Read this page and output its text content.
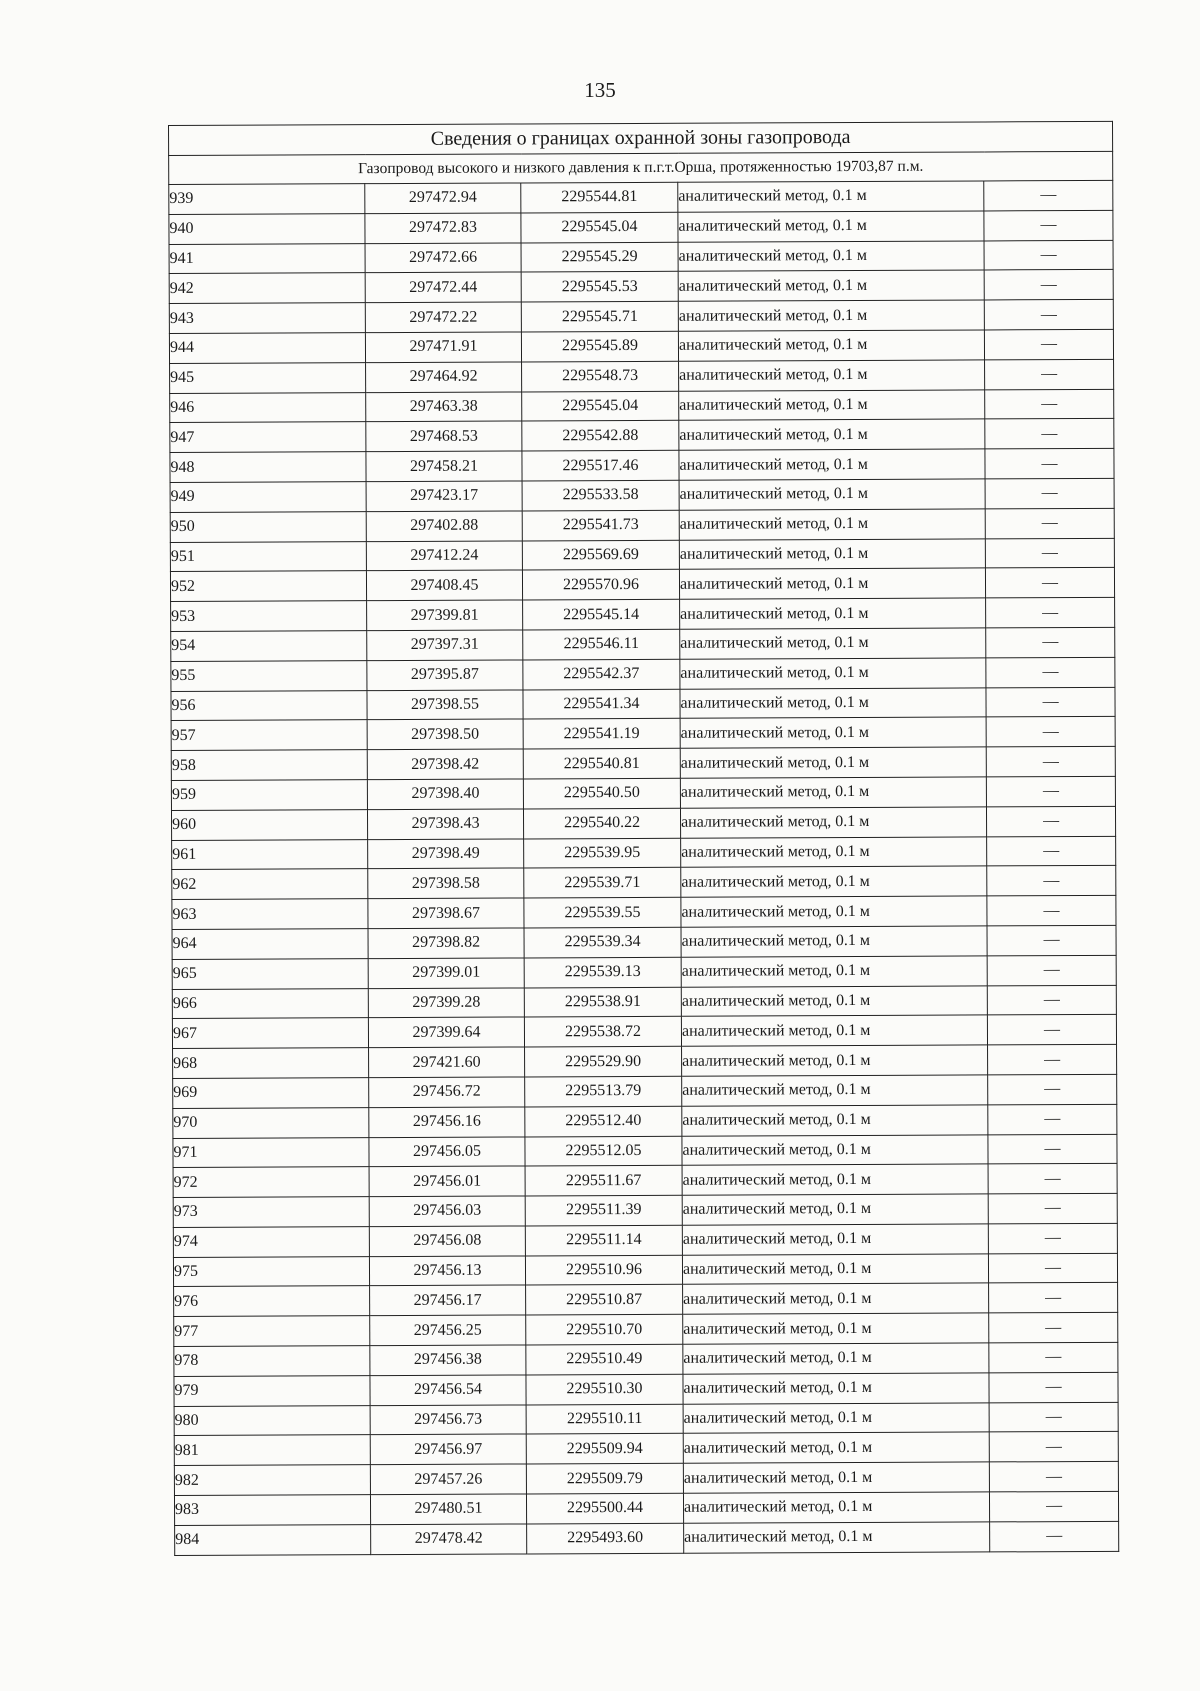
135
Сведения о границах охранной зоны газопровода				
Газопровод высокого и низкого давления к п.г.т.Орша, протяженностью 19703,87 п.м.				
939	297472.94	2295544.81	аналитический метод, 0.1 м	—
940	297472.83	2295545.04	аналитический метод, 0.1 м	—
941	297472.66	2295545.29	аналитический метод, 0.1 м	—
942	297472.44	2295545.53	аналитический метод, 0.1 м	—
943	297472.22	2295545.71	аналитический метод, 0.1 м	—
944	297471.91	2295545.89	аналитический метод, 0.1 м	—
945	297464.92	2295548.73	аналитический метод, 0.1 м	—
946	297463.38	2295545.04	аналитический метод, 0.1 м	—
947	297468.53	2295542.88	аналитический метод, 0.1 м	—
948	297458.21	2295517.46	аналитический метод, 0.1 м	—
949	297423.17	2295533.58	аналитический метод, 0.1 м	—
950	297402.88	2295541.73	аналитический метод, 0.1 м	—
951	297412.24	2295569.69	аналитический метод, 0.1 м	—
952	297408.45	2295570.96	аналитический метод, 0.1 м	—
953	297399.81	2295545.14	аналитический метод, 0.1 м	—
954	297397.31	2295546.11	аналитический метод, 0.1 м	—
955	297395.87	2295542.37	аналитический метод, 0.1 м	—
956	297398.55	2295541.34	аналитический метод, 0.1 м	—
957	297398.50	2295541.19	аналитический метод, 0.1 м	—
958	297398.42	2295540.81	аналитический метод, 0.1 м	—
959	297398.40	2295540.50	аналитический метод, 0.1 м	—
960	297398.43	2295540.22	аналитический метод, 0.1 м	—
961	297398.49	2295539.95	аналитический метод, 0.1 м	—
962	297398.58	2295539.71	аналитический метод, 0.1 м	—
963	297398.67	2295539.55	аналитический метод, 0.1 м	—
964	297398.82	2295539.34	аналитический метод, 0.1 м	—
965	297399.01	2295539.13	аналитический метод, 0.1 м	—
966	297399.28	2295538.91	аналитический метод, 0.1 м	—
967	297399.64	2295538.72	аналитический метод, 0.1 м	—
968	297421.60	2295529.90	аналитический метод, 0.1 м	—
969	297456.72	2295513.79	аналитический метод, 0.1 м	—
970	297456.16	2295512.40	аналитический метод, 0.1 м	—
971	297456.05	2295512.05	аналитический метод, 0.1 м	—
972	297456.01	2295511.67	аналитический метод, 0.1 м	—
973	297456.03	2295511.39	аналитический метод, 0.1 м	—
974	297456.08	2295511.14	аналитический метод, 0.1 м	—
975	297456.13	2295510.96	аналитический метод, 0.1 м	—
976	297456.17	2295510.87	аналитический метод, 0.1 м	—
977	297456.25	2295510.70	аналитический метод, 0.1 м	—
978	297456.38	2295510.49	аналитический метод, 0.1 м	—
979	297456.54	2295510.30	аналитический метод, 0.1 м	—
980	297456.73	2295510.11	аналитический метод, 0.1 м	—
981	297456.97	2295509.94	аналитический метод, 0.1 м	—
982	297457.26	2295509.79	аналитический метод, 0.1 м	—
983	297480.51	2295500.44	аналитический метод, 0.1 м	—
984	297478.42	2295493.60	аналитический метод, 0.1 м	—
